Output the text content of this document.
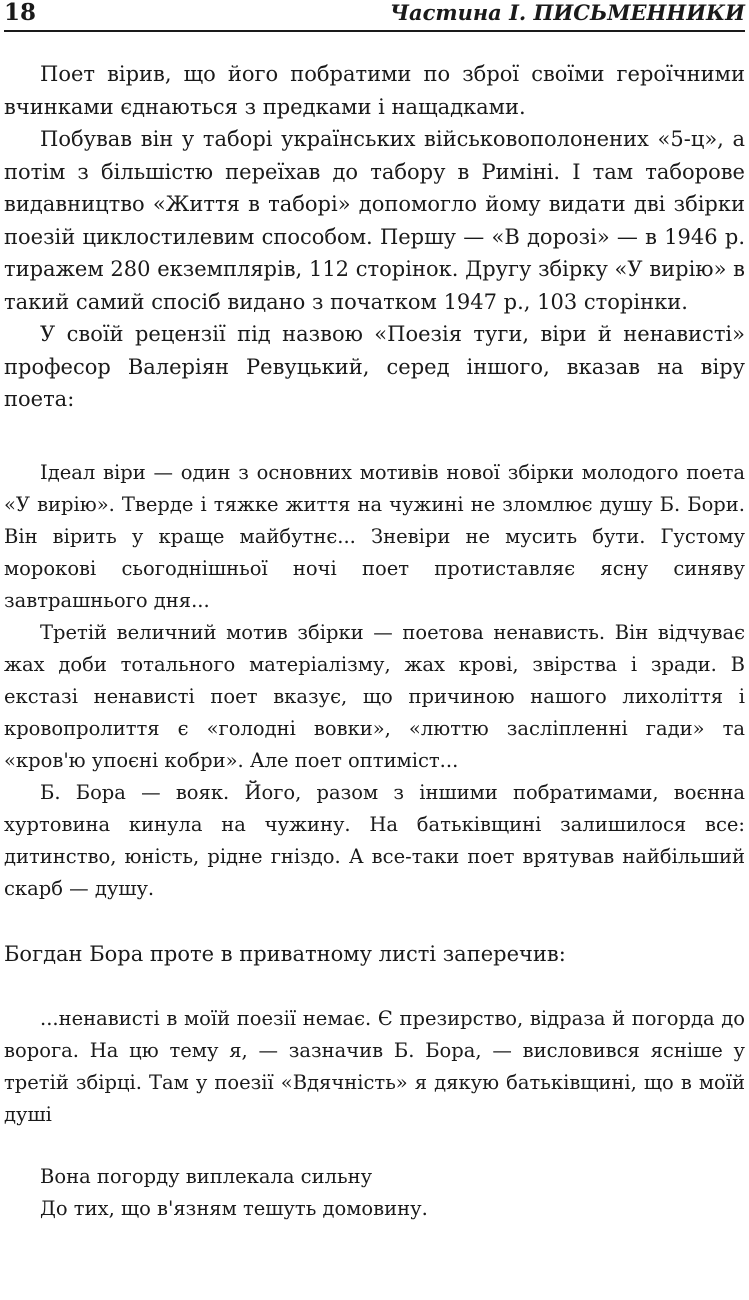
18	Частина І. ПИСЬМЕННИКИ

Поет вірив, що його побратими по зброї своїми героїчними вчинками єднаються з предками і нащадками.

Побував він у таборі українських військовополонених «5-ц», а потім з більшістю переїхав до табору в Риміні. І там таборове видавництво «Життя в таборі» допомогло йому видати дві збірки поезій циклостилевим способом. Першу — «В дорозі» — в 1946 р. тиражем 280 екземплярів, 112 сторінок. Другу збірку «У вирію» в такий самий спосіб видано з початком 1947 р., 103 сторінки.

У своїй рецензії під назвою «Поезія туги, віри й ненависті» професор Валеріян Ревуцький, серед іншого, вказав на віру поета:

Ідеал віри — один з основних мотивів нової збірки молодого поета «У вирію». Тверде і тяжке життя на чужині не зломлює душу Б. Бори. Він вірить у краще майбутнє... Зневіри не мусить бути. Густому морокові сьогоднішньої ночі поет протиставляє ясну синяву завтрашнього дня...

Третій величний мотив збірки — поетова ненависть. Він відчуває жах доби тотального матеріалізму, жах крові, звірства і зради. В екстазі ненависті поет вказує, що причиною нашого лихоліття і кровопролиття є «голодні вовки», «люттю засліпленні гади» та «кров'ю упоєні кобри». Але поет оптиміст...

Б. Бора — вояк. Його, разом з іншими побратимами, воєнна хуртовина кинула на чужину. На батьківщині залишилося все: дитинство, юність, рідне гніздо. А все-таки поет врятував найбільший скарб — душу.

Богдан Бора проте в приватному листі заперечив:

...ненависті в моїй поезії немає. Є презирство, відраза й погорда до ворога. На цю тему я, — зазначив Б. Бора, — висловився ясніше у третій збірці. Там у поезії «Вдячність» я дякую батьківщині, що в моїй душі

Вона погорду виплекала сильну
До тих, що в'язням тешуть домовину.
